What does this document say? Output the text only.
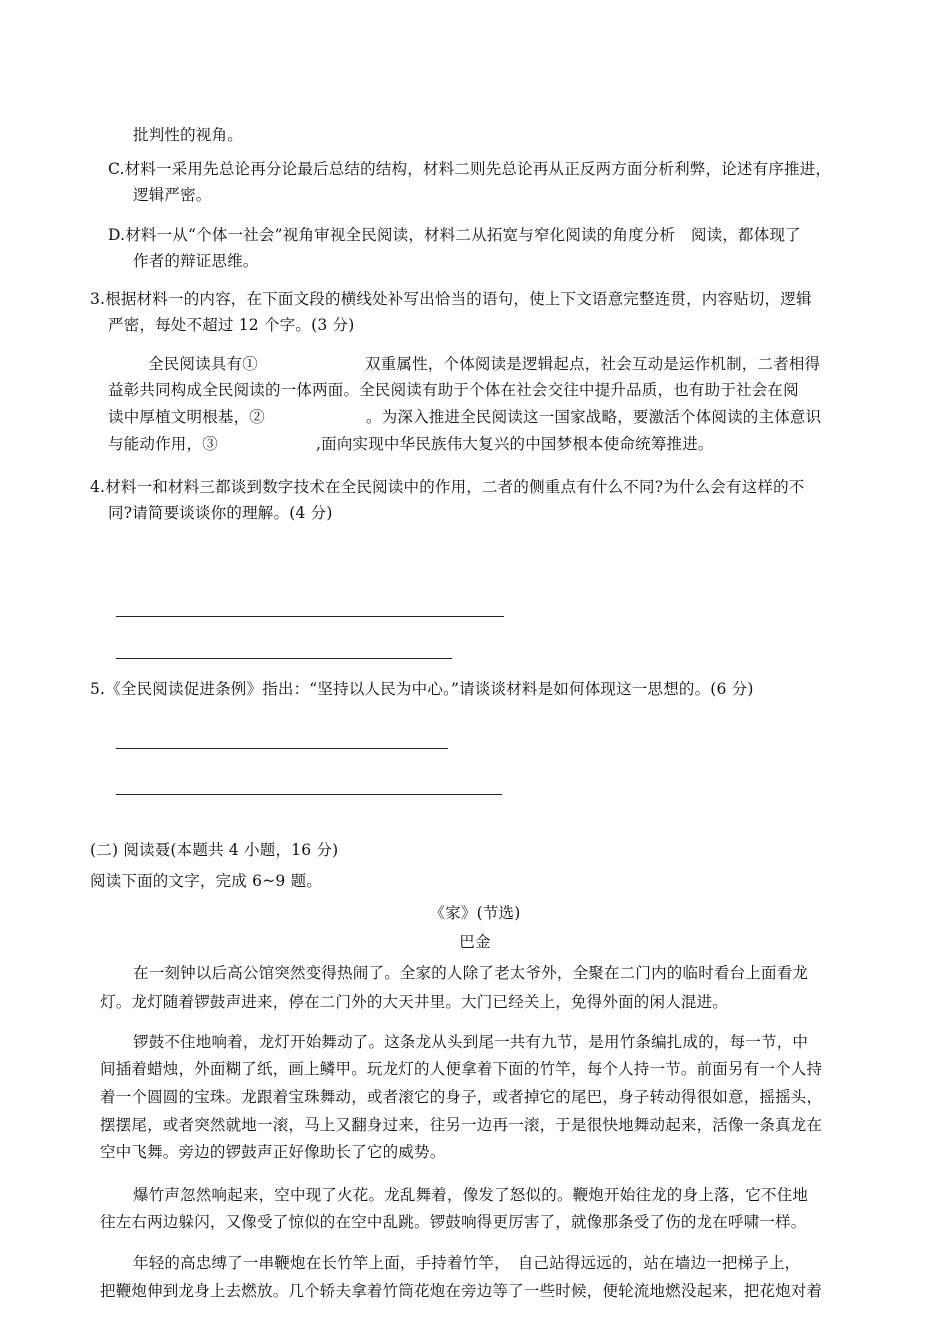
批判性的视角。

C.材料一采用先总论再分论最后总结的结构，材料二则先总论再从正反两方面分析利弊，论述有序推进，

逻辑严密。

D.材料一从“个体一社会”视角审视全民阅读，材料二从拓宽与窄化阅读的角度分析　阅读，都体现了

作者的辩证思维。

3.根据材料一的内容，在下面文段的横线处补写出恰当的语句，使上下文语意完整连贯，内容贴切，逻辑

严密，每处不超过 12 个字。(3 分)

全民阅读具有①	双重属性，个体阅读是逻辑起点，社会互动是运作机制，二者相得

益彰共同构成全民阅读的一体两面。全民阅读有助于个体在社会交往中提升品质，也有助于社会在阅

读中厚植文明根基，②	。为深入推进全民阅读这一国家战略，要激活个体阅读的主体意识

与能动作用，③	,面向实现中华民族伟大复兴的中国梦根本使命统筹推进。

4.材料一和材料三都谈到数字技术在全民阅读中的作用，二者的侧重点有什么不同?为什么会有这样的不

同?请简要谈谈你的理解。(4 分)

5.《全民阅读促进条例》指出：“坚持以人民为中心。”请谈谈材料是如何体现这一思想的。(6 分)

(二) 阅读聂(本题共 4 小题，16 分)

阅读下面的文字，完成 6~9 题。

《家》(节选)

巴金

在一刻钟以后高公馆突然变得热闹了。全家的人除了老太爷外，全聚在二门内的临时看台上面看龙

灯。龙灯随着锣鼓声进来，停在二门外的大天井里。大门已经关上，免得外面的闲人混进。

锣鼓不住地响着，龙灯开始舞动了。这条龙从头到尾一共有九节，是用竹条编扎成的，每一节，中

间插着蜡烛，外面糊了纸，画上鳞甲。玩龙灯的人便拿着下面的竹竿，每个人持一节。前面另有一个人持

着一个圆圆的宝珠。龙跟着宝珠舞动，或者滚它的身子，或者掉它的尾巴，身子转动得很如意，摇摇头，

摆摆尾，或者突然就地一滚，马上又翻身过来，往另一边再一滚，于是很快地舞动起来，活像一条真龙在

空中飞舞。旁边的锣鼓声正好像助长了它的威势。

爆竹声忽然响起来，空中现了火花。龙乱舞着，像发了怒似的。鞭炮开始往龙的身上落，它不住地

往左右两边躲闪，又像受了惊似的在空中乱跳。锣鼓响得更厉害了，就像那条受了伤的龙在呼啸一样。

年轻的高忠缚了一串鞭炮在长竹竿上面，手持着竹竿，　自己站得远远的，站在墙边一把梯子上，

把鞭炮伸到龙身上去燃放。几个轿夫拿着竹筒花炮在旁边等了一些时候，便轮流地燃没起来，把花炮对着
